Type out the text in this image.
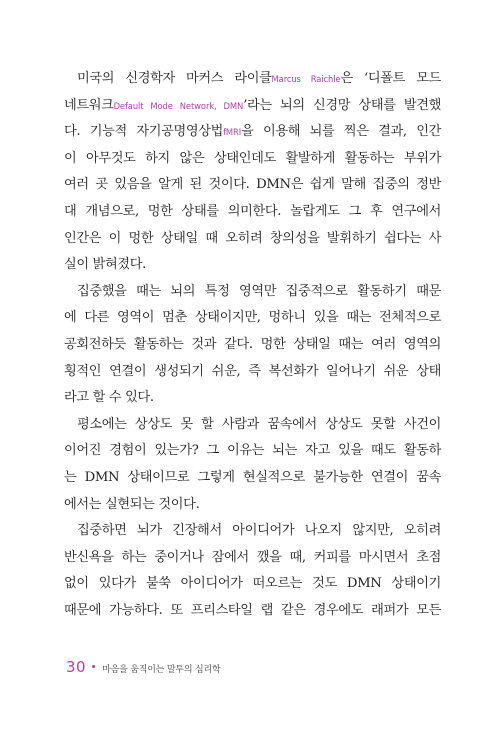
미국의 신경학자 마커스 라이클Marcus Raichle은 ‘디폴트 모드
네트워크Default Mode Network, DMN’라는 뇌의 신경망 상태를 발견했
다. 기능적 자기공명영상법fMRI을 이용해 뇌를 찍은 결과, 인간
이 아무것도 하지 않은 상태인데도 활발하게 활동하는 부위가
여러 곳 있음을 알게 된 것이다. DMN은 쉽게 말해 집중의 정반
대 개념으로, 멍한 상태를 의미한다. 놀랍게도 그 후 연구에서
인간은 이 멍한 상태일 때 오히려 창의성을 발휘하기 쉽다는 사
실이 밝혀졌다.
집중했을 때는 뇌의 특정 영역만 집중적으로 활동하기 때문
에 다른 영역이 멈춘 상태이지만, 멍하니 있을 때는 전체적으로
공회전하듯 활동하는 것과 같다. 멍한 상태일 때는 여러 영역의
횡적인 연결이 생성되기 쉬운, 즉 복선화가 일어나기 쉬운 상태
라고 할 수 있다.
평소에는 상상도 못 할 사람과 꿈속에서 상상도 못할 사건이
이어진 경험이 있는가? 그 이유는 뇌는 자고 있을 때도 활동하
는 DMN 상태이므로 그렇게 현실적으로 불가능한 연결이 꿈속
에서는 실현되는 것이다.
집중하면 뇌가 긴장해서 아이디어가 나오지 않지만, 오히려
반신욕을 하는 중이거나 잠에서 깼을 때, 커피를 마시면서 초점
없이 있다가 불쑥 아이디어가 떠오르는 것도 DMN 상태이기
때문에 가능하다. 또 프리스타일 랩 같은 경우에도 래퍼가 모든
30 마음을 움직이는 말투의 심리학
